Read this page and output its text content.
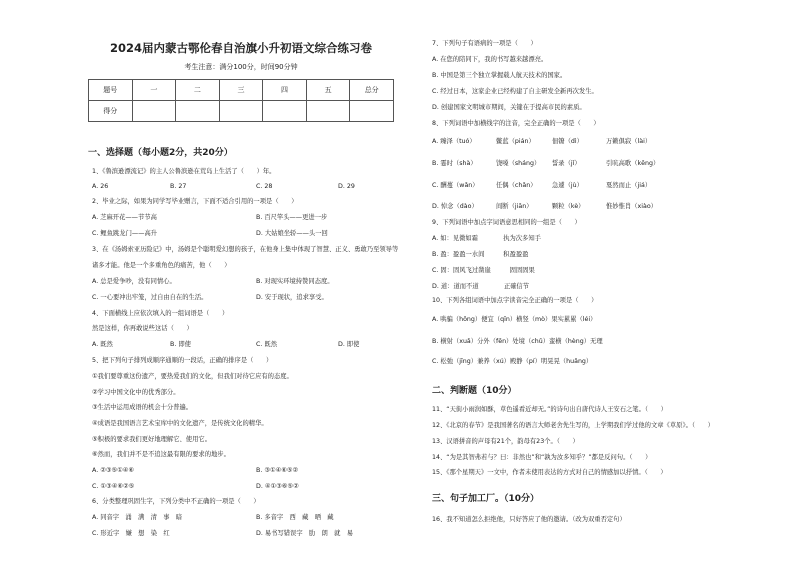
2024届内蒙古鄂伦春自治旗小升初语文综合练习卷
考生注意：满分100分，时间90分钟
题号	一	二	三	四	五	总分
得分						
一、选择题（每小题2分，共20分）
1、《鲁滨逊漂流记》的主人公鲁滨逊在荒岛上生活了（　　）年。
A. 26	B. 27	C. 28	D. 29
2、毕业之际，如果为同学写毕业赠言，下面不适合引用的一项是（　　）
A. 芝麻开花——节节高	B. 百尺竿头——更进一步
C. 鲤鱼跳龙门——高升	D. 大姑娘坐轿——头一回
3、在《汤姆索亚历险记》中，汤姆是个聪明爱幻想的孩子，在他身上集中体现了智慧、正义、勇敢乃至领导等
诸多才能。他是一个多重角色的痛苦，他（　　）
A. 总是爱争吵，没有同情心。	B. 对现实环境持赞同态度。
C. 一心要冲出牢笼，过自由自在的生活。	D. 安于现状，追求享受。
4、下面横线上应依次填入的一组词语是（　　）
然是这样，你再敢说些这话（　　）
A. 既然	B. 即使	C. 既然	D. 即使
5、把下列句子排列成顺序通顺的一段话，正确的排序是（　　）
①我们要尊重这份遗产，要热爱我们的文化，但我们对待它应有的态度。
②学习中国文化中的优秀部分。
③生活中运用成语的机会十分普遍。
④成语是我国语言艺术宝库中的文化遗产，是传统文化的精华。
⑤积极的要求我们更好地理解它、使用它。
⑥然而，我们并不是不追这最有限的要求的地步。
A. ②③⑤①④⑥	B. ③①④⑥⑤②
C. ①③④⑥②⑤	D. ④①③⑥⑤②
6、分类整理巩固生字，下列分类中不正确的一项是（　　）
A. 同音字　涌　满　清　事　暗	B. 多音字　西　藏　晒　藏
C. 形近字　嫌　想　染　红	D. 易书写错误字　肋　朗　就　易
7、下列句子有语病的一项是（　　）
A. 在您的陪同下，我的书写越来越漂亮。
B. 中国是第三个独立掌握载人航天技术的国家。
C. 经过日本，这家企业已经构建了自主研发全新再次发生。
D. 创建国家文明城市期间，关键在于提高市民的素质。
8、下列词语中加横线字的注音，完全正确的一项是（　　）
A. 臻泽（tuó）	鳖蓝（pián）	佃镣（dì）	万籁俱寂（lài）
B. 霎时（shà）	饶嗓（sháng） 誓录（jǐ）	引吭高歌（kēng）
C. 酬蔓（wǎn）	任偶（chǎn） 急遽（jù）	戛然而止（jiá）
D. 悼念（dào）	间断（jiān）	颗粒（kè）	惟妙惟肖（xiào）
9、下列词语中加点字词语意思相同的一组是（　　）
A. 如：见微如霜　　　　执为次多知手
B. 盈：盈盈一水间　　　积盈盈盈
C. 固：固风飞过凿崖　　　固固固果
D. 道：道而不道　　　　正確信节
10、下列各组词语中加点字读音完全正确的一项是（　　）
A. 哄骗（hōng）便宜（qīn）横竖（mò）果实累累（léi）
B. 横射（xuǎ）分外（fēn）处境（chǔ）蛮横（hèng）无理
C. 松弛（jīng）兼养（xú）殿静（pí）明晃晃（huǎng）
二、判断题（10分）
11、“天街小雨润如酥，草色遥看近却无。”的诗句出自唐代诗人王安石之笔。（　　）
12、《北京的春节》是我国著名的语言大师老舍先生写的，上学期我们学过他的文章《草原》。（　　）
13、汉语拼音的声母有21个，韵母有23个。（　　）
14、“为是其智弗若与？曰：非然也”和“孰为汝多知乎？”都是反问句。（　　）
15、《那个星期天》一文中，作者未使用表达的方式对自己的情感加以抒情。（　　）
三、句子加工厂。（10分）
16、我不知道怎么拒绝他，只好答应了他的邀请。（改为双重否定句）
